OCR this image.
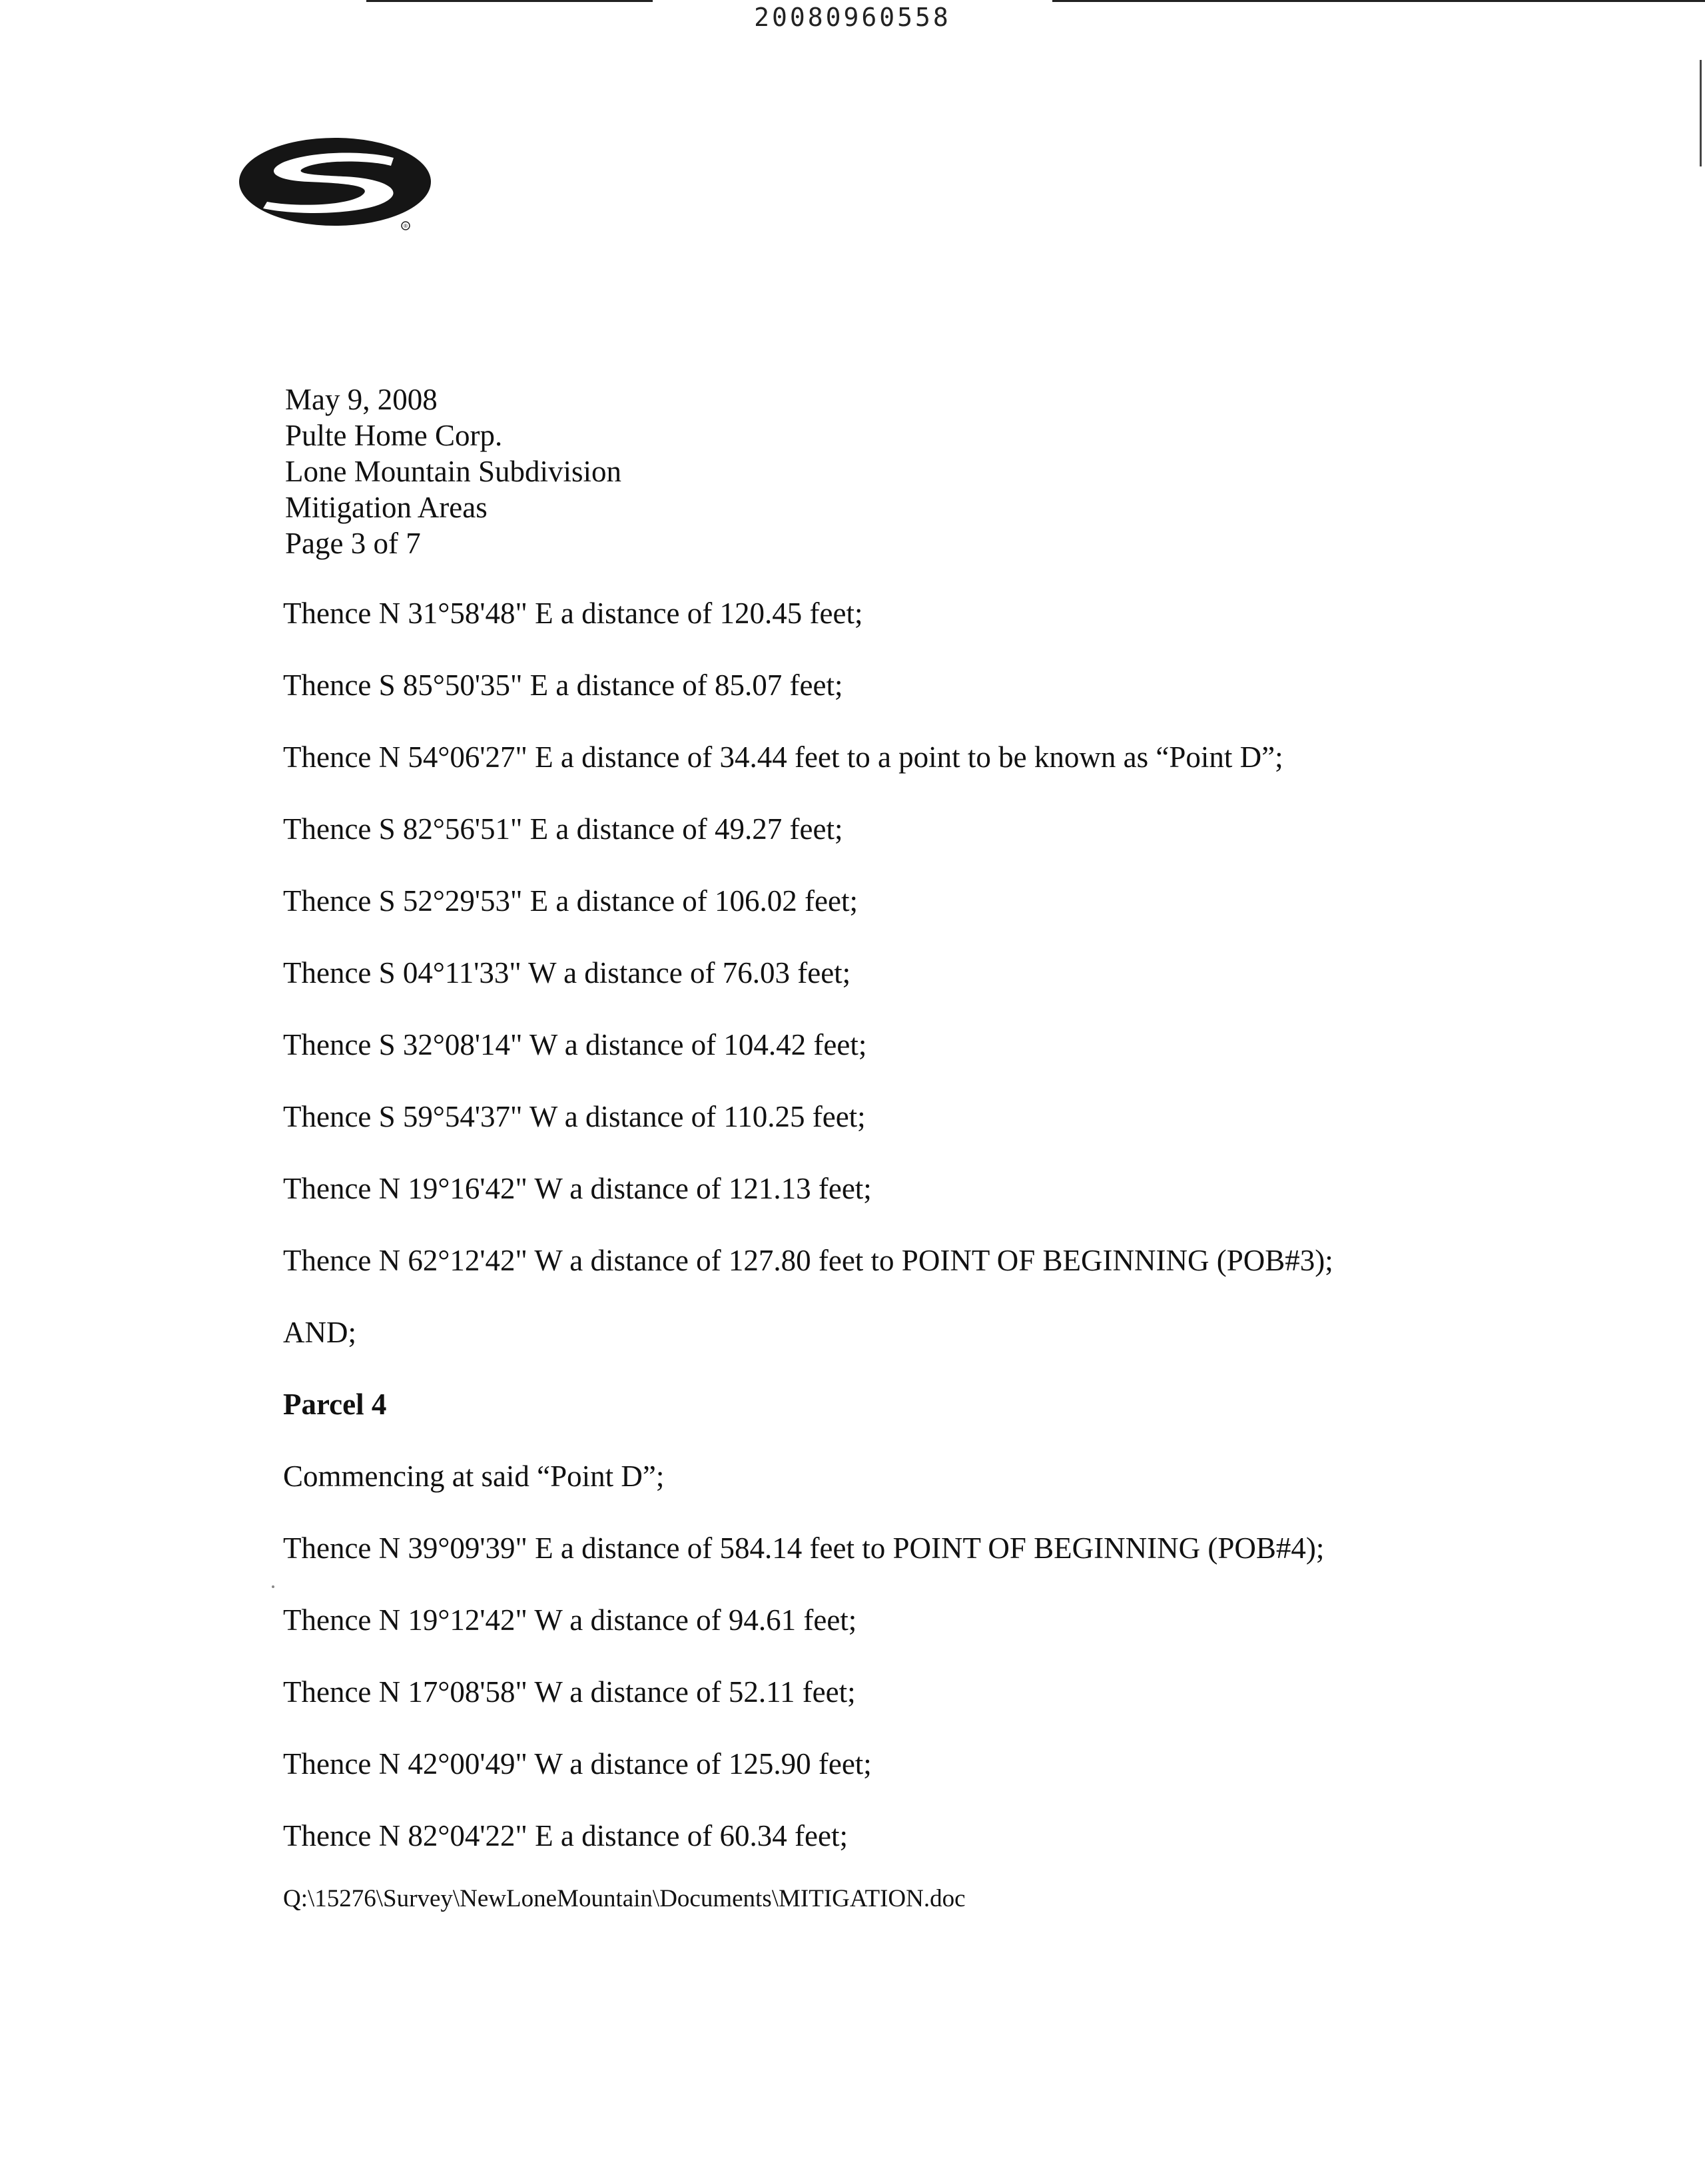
20080960558
®
May 9, 2008
Pulte Home Corp.
Lone Mountain Subdivision
Mitigation Areas
Page 3 of 7
Thence N 31°58'48" E a distance of 120.45 feet;
Thence S 85°50'35" E a distance of 85.07 feet;
Thence N 54°06'27" E a distance of 34.44 feet to a point to be known as “Point D”;
Thence S 82°56'51" E a distance of 49.27 feet;
Thence S 52°29'53" E a distance of 106.02 feet;
Thence S 04°11'33" W a distance of 76.03 feet;
Thence S 32°08'14" W a distance of 104.42 feet;
Thence S 59°54'37" W a distance of 110.25 feet;
Thence N 19°16'42" W a distance of 121.13 feet;
Thence N 62°12'42" W a distance of 127.80 feet to POINT OF BEGINNING (POB#3);
AND;
Parcel 4
Commencing at said “Point D”;
Thence N 39°09'39" E a distance of 584.14 feet to POINT OF BEGINNING (POB#4);
Thence N 19°12'42" W a distance of 94.61 feet;
Thence N 17°08'58" W a distance of 52.11 feet;
Thence N 42°00'49" W a distance of 125.90 feet;
Thence N 82°04'22" E a distance of 60.34 feet;
Q:\15276\Survey\NewLoneMountain\Documents\MITIGATION.doc
